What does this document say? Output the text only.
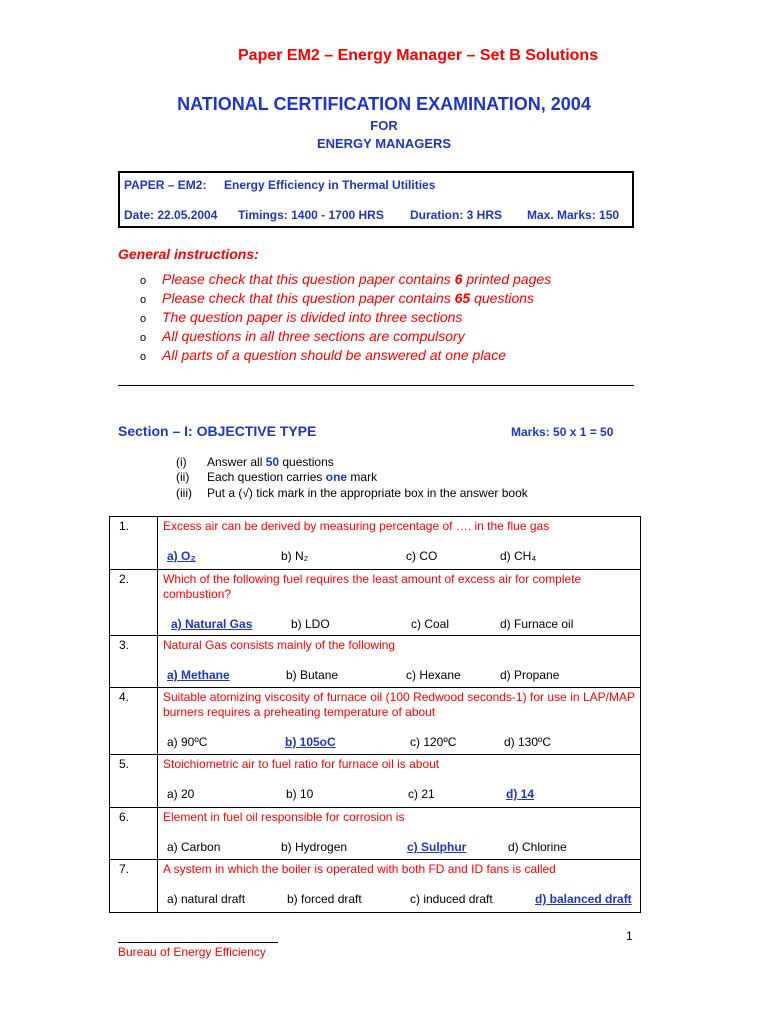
Paper EM2 – Energy Manager – Set B Solutions
NATIONAL CERTIFICATION EXAMINATION, 2004
FOR
ENERGY MANAGERS
PAPER – EM2: Energy Efficiency in Thermal Utilities
Date: 22.05.2004 Timings: 1400 - 1700 HRS Duration: 3 HRS Max. Marks: 150
General instructions:
o Please check that this question paper contains 6 printed pages
o Please check that this question paper contains 65 questions
o The question paper is divided into three sections
o All questions in all three sections are compulsory
o All parts of a question should be answered at one place
Section – I: OBJECTIVE TYPE	Marks: 50 x 1 = 50
(i) Answer all 50 questions
(ii) Each question carries one mark
(iii) Put a (√) tick mark in the appropriate box in the answer book
1.	Excess air can be derived by measuring percentage of …. in the flue gas
a) O₂ b) N₂ c) CO d) CH₄

2.	Which of the following fuel requires the least amount of excess air for complete combustion?
a) Natural Gas b) LDO c) Coal d) Furnace oil

3.	Natural Gas consists mainly of the following
a) Methane b) Butane c) Hexane d) Propane

4.	Suitable atomizing viscosity of furnace oil (100 Redwood seconds-1) for use in LAP/MAP burners requires a preheating temperature of about
a) 90ºC b) 105oC c) 120ºC d) 130ºC

5.	Stoichiometric air to fuel ratio for furnace oil is about
a) 20 b) 10 c) 21 d) 14

6.	Element in fuel oil responsible for corrosion is
a) Carbon b) Hydrogen c) Sulphur d) Chlorine

7.	A system in which the boiler is operated with both FD and ID fans is called
a) natural draft b) forced draft c) induced draft d) balanced draft
1
Bureau of Energy Efficiency
